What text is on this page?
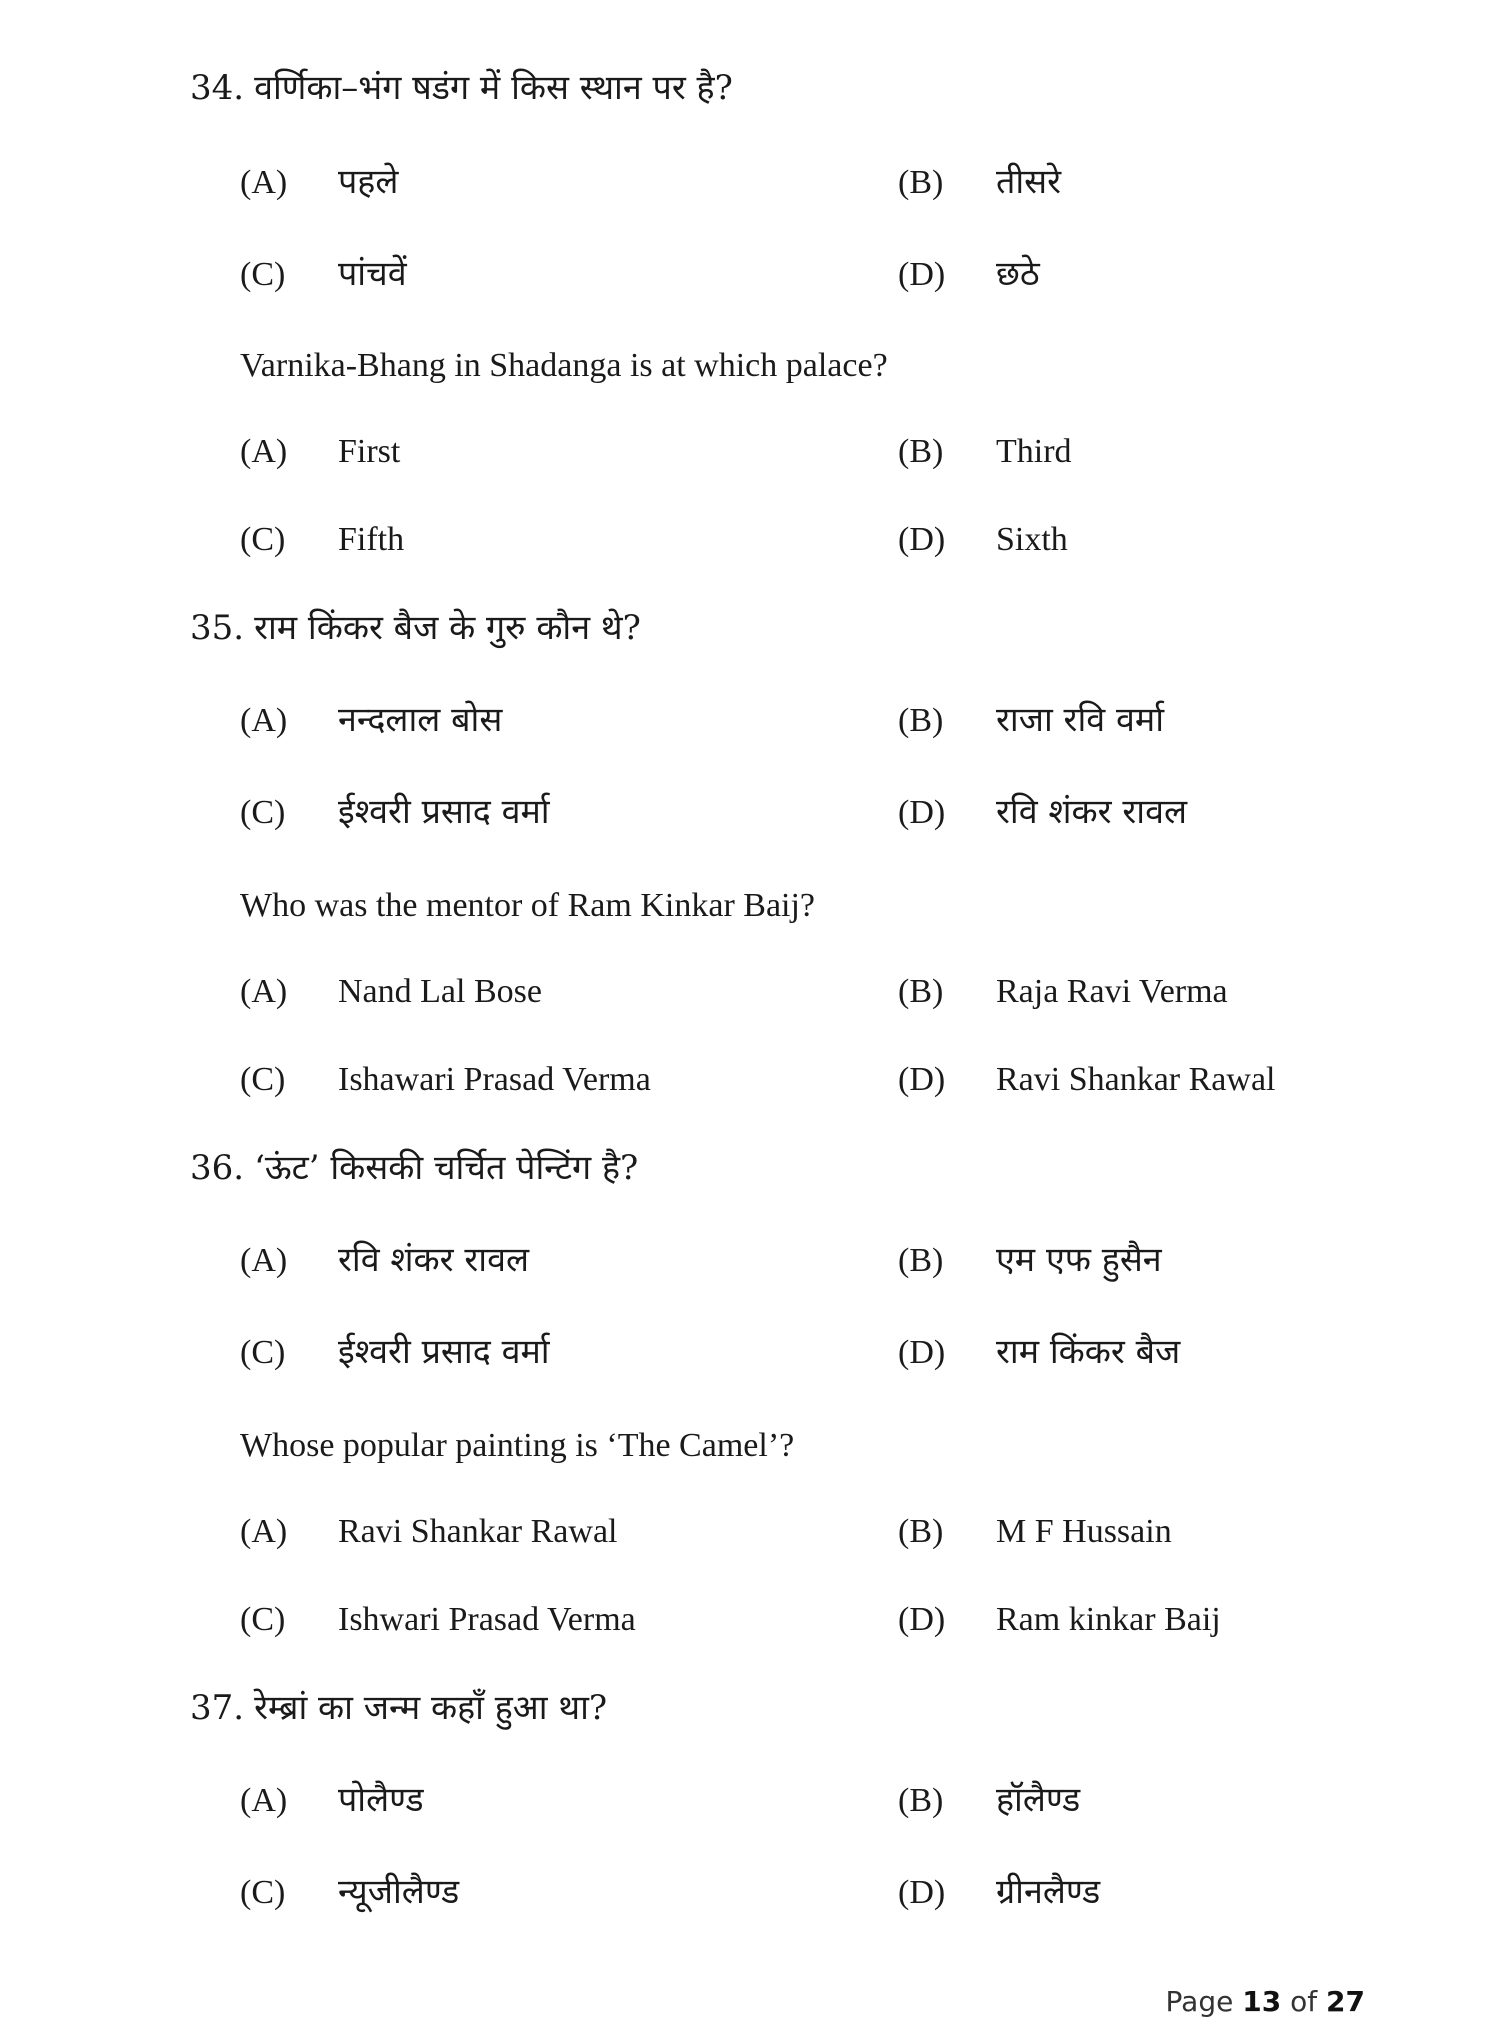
34. वर्णिका–भंग षडंग में किस स्थान पर है?
(A) पहले	(B) तीसरे
(C) पांचवें	(D) छठे
Varnika-Bhang in Shadanga is at which palace?
(A) First	(B) Third
(C) Fifth	(D) Sixth
35. राम किंकर बैज के गुरु कौन थे?
(A) नन्दलाल बोस	(B) राजा रवि वर्मा
(C) ईश्वरी प्रसाद वर्मा	(D) रवि शंकर रावल
Who was the mentor of Ram Kinkar Baij?
(A) Nand Lal Bose	(B) Raja Ravi Verma
(C) Ishawari Prasad Verma	(D) Ravi Shankar Rawal
36. ‘ऊंट’ किसकी चर्चित पेन्टिंग है?
(A) रवि शंकर रावल	(B) एम एफ हुसैन
(C) ईश्वरी प्रसाद वर्मा	(D) राम किंकर बैज
Whose popular painting is ‘The Camel’?
(A) Ravi Shankar Rawal	(B) M F Hussain
(C) Ishwari Prasad Verma	(D) Ram kinkar Baij
37. रेम्ब्रां का जन्म कहाँ हुआ था?
(A) पोलैण्ड	(B) हॉलैण्ड
(C) न्यूजीलैण्ड	(D) ग्रीनलैण्ड
Page 13 of 27
